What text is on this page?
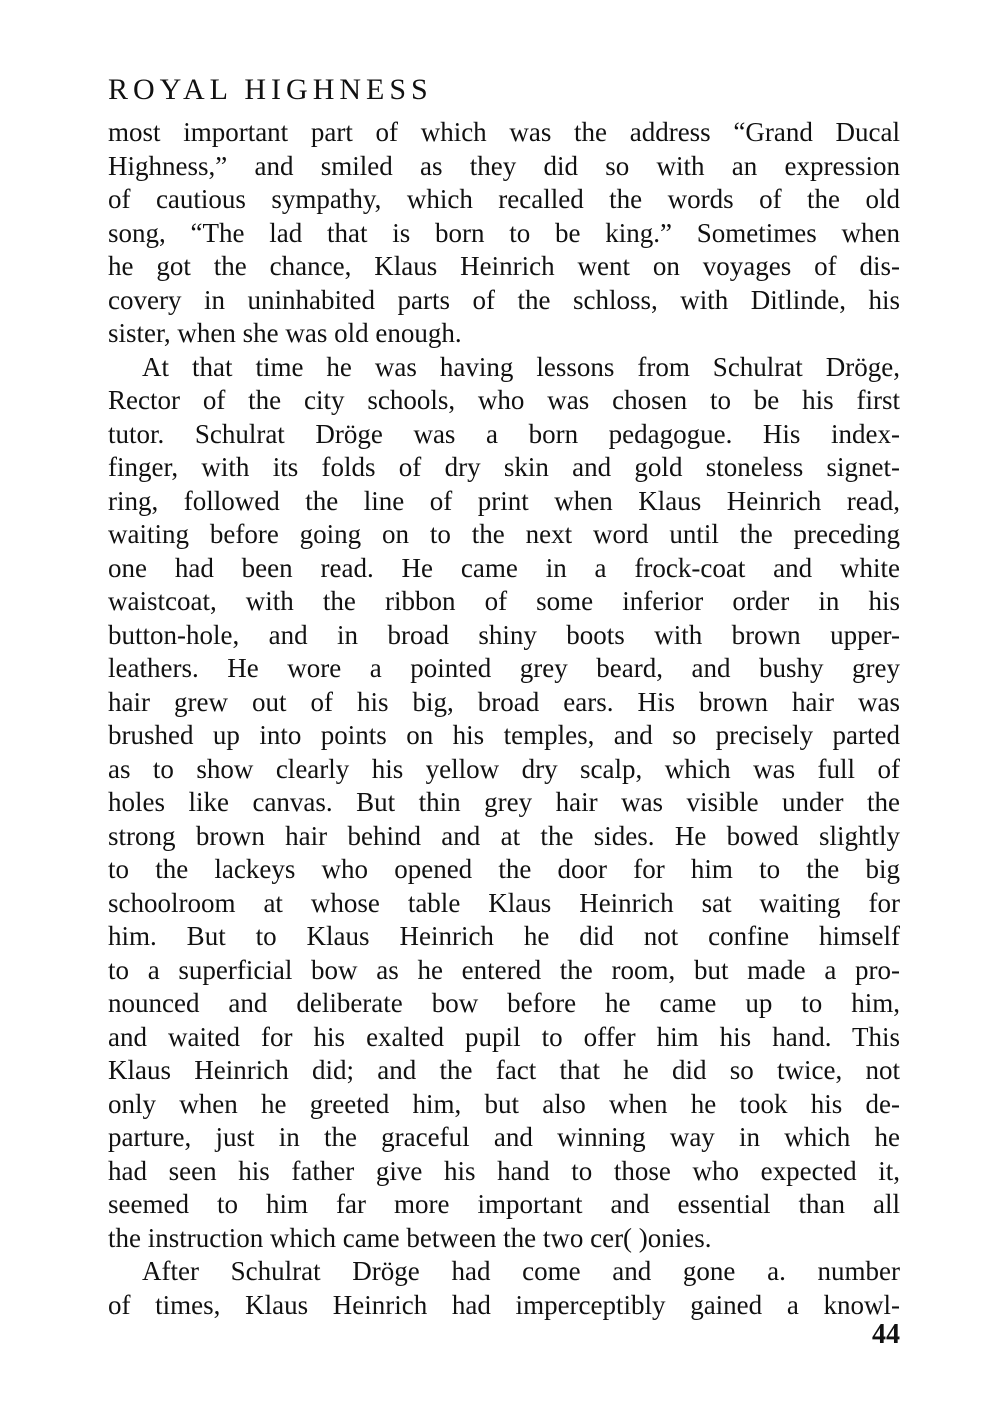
ROYAL HIGHNESS
most important part of which was the address “Grand Ducal
Highness,” and smiled as they did so with an expression
of cautious sympathy, which recalled the words of the old
song, “The lad that is born to be king.” Sometimes when
he got the chance, Klaus Heinrich went on voyages of dis-
covery in uninhabited parts of the schloss, with Ditlinde, his
sister, when she was old enough.
At that time he was having lessons from Schulrat Dröge,
Rector of the city schools, who was chosen to be his first
tutor. Schulrat Dröge was a born pedagogue. His index-
finger, with its folds of dry skin and gold stoneless signet-
ring, followed the line of print when Klaus Heinrich read,
waiting before going on to the next word until the preceding
one had been read. He came in a frock-coat and white
waistcoat, with the ribbon of some inferior order in his
button-hole, and in broad shiny boots with brown upper-
leathers. He wore a pointed grey beard, and bushy grey
hair grew out of his big, broad ears. His brown hair was
brushed up into points on his temples, and so precisely parted
as to show clearly his yellow dry scalp, which was full of
holes like canvas. But thin grey hair was visible under the
strong brown hair behind and at the sides. He bowed slightly
to the lackeys who opened the door for him to the big
schoolroom at whose table Klaus Heinrich sat waiting for
him. But to Klaus Heinrich he did not confine himself
to a superficial bow as he entered the room, but made a pro-
nounced and deliberate bow before he came up to him,
and waited for his exalted pupil to offer him his hand. This
Klaus Heinrich did; and the fact that he did so twice, not
only when he greeted him, but also when he took his de-
parture, just in the graceful and winning way in which he
had seen his father give his hand to those who expected it,
seemed to him far more important and essential than all
the instruction which came between the two cer( )onies.
After Schulrat Dröge had come and gone a. number
of times, Klaus Heinrich had imperceptibly gained a knowl-
44
